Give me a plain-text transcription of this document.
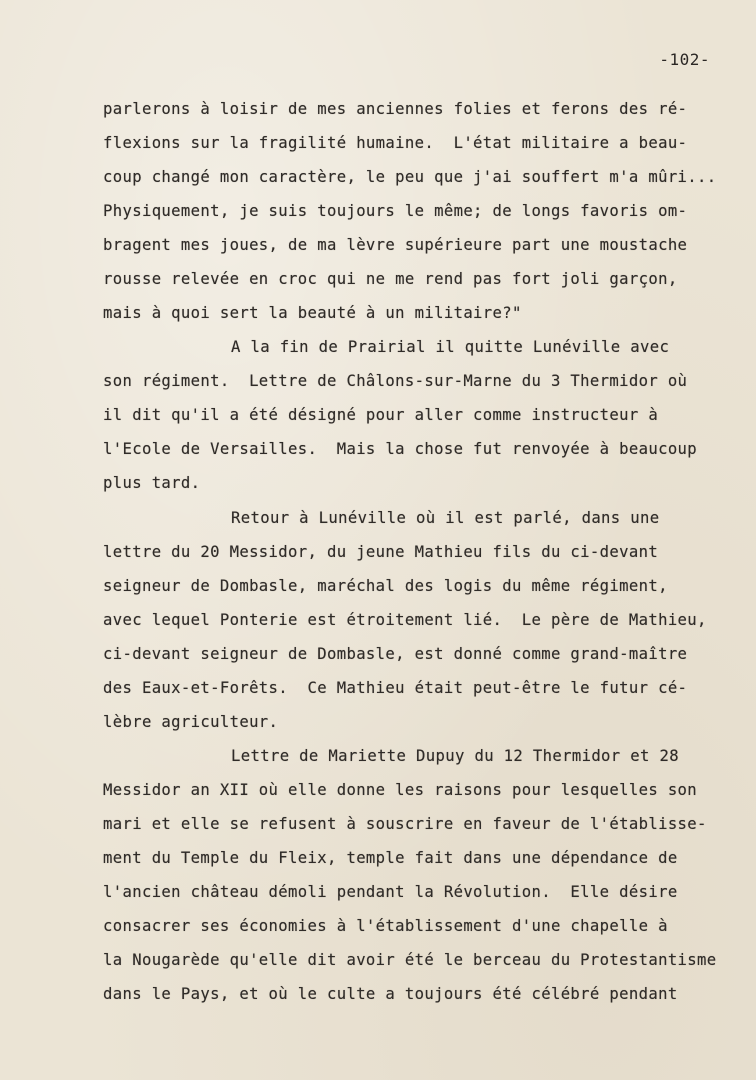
-102-
parlerons à loisir de mes anciennes folies et ferons des ré-
flexions sur la fragilité humaine.  L'état militaire a beau-
coup changé mon caractère, le peu que j'ai souffert m'a mûri...
Physiquement, je suis toujours le même; de longs favoris om-
bragent mes joues, de ma lèvre supérieure part une moustache
rousse relevée en croc qui ne me rend pas fort joli garçon,
mais à quoi sert la beauté à un militaire?"
A la fin de Prairial il quitte Lunéville avec
son régiment.  Lettre de Châlons-sur-Marne du 3 Thermidor où
il dit qu'il a été désigné pour aller comme instructeur à
l'Ecole de Versailles.  Mais la chose fut renvoyée à beaucoup
plus tard.
Retour à Lunéville où il est parlé, dans une
lettre du 20 Messidor, du jeune Mathieu fils du ci-devant
seigneur de Dombasle, maréchal des logis du même régiment,
avec lequel Ponterie est étroitement lié.  Le père de Mathieu,
ci-devant seigneur de Dombasle, est donné comme grand-maître
des Eaux-et-Forêts.  Ce Mathieu était peut-être le futur cé-
lèbre agriculteur.
Lettre de Mariette Dupuy du 12 Thermidor et 28
Messidor an XII où elle donne les raisons pour lesquelles son
mari et elle se refusent à souscrire en faveur de l'établisse-
ment du Temple du Fleix, temple fait dans une dépendance de
l'ancien château démoli pendant la Révolution.  Elle désire
consacrer ses économies à l'établissement d'une chapelle à
la Nougarède qu'elle dit avoir été le berceau du Protestantisme
dans le Pays, et où le culte a toujours été célébré pendant
